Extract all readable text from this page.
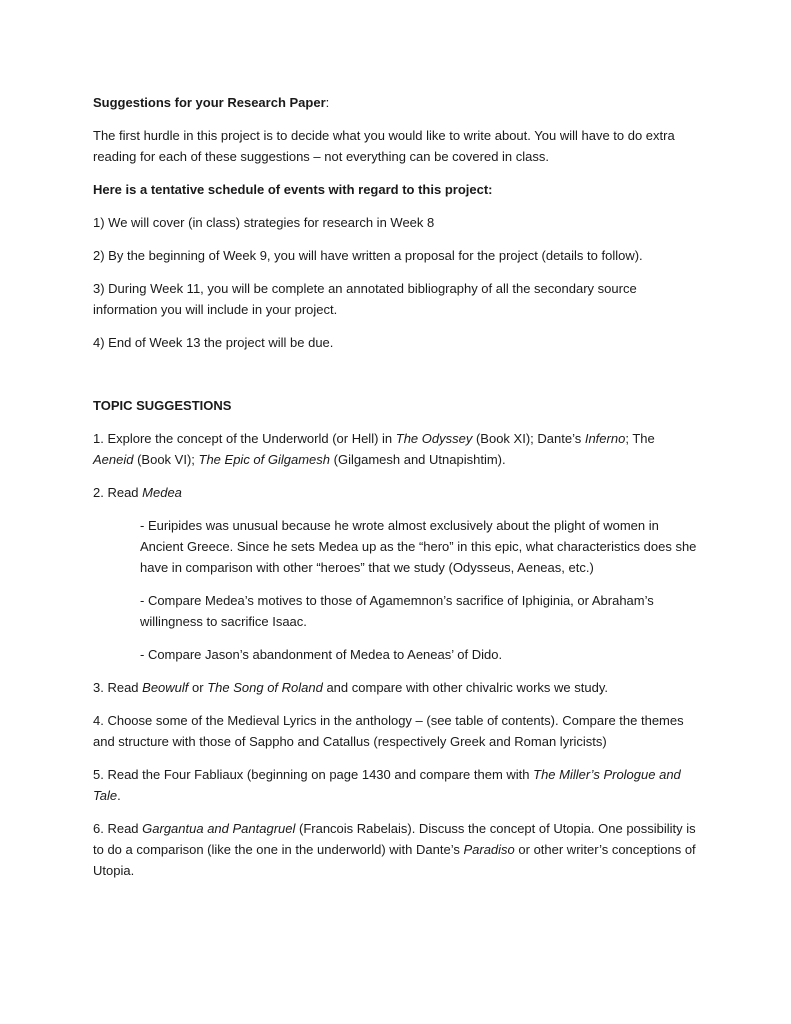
Suggestions for your Research Paper:

The first hurdle in this project is to decide what you would like to write about. You will have to do extra reading for each of these suggestions – not everything can be covered in class.

Here is a tentative schedule of events with regard to this project:

1) We will cover (in class) strategies for research in Week 8

2) By the beginning of Week 9, you will have written a proposal for the project (details to follow).

3) During Week 11, you will be complete an annotated bibliography of all the secondary source information you will include in your project.

4) End of Week 13 the project will be due.

TOPIC SUGGESTIONS

1. Explore the concept of the Underworld (or Hell) in The Odyssey (Book XI); Dante’s Inferno; The Aeneid (Book VI); The Epic of Gilgamesh (Gilgamesh and Utnapishtim).

2. Read Medea

- Euripides was unusual because he wrote almost exclusively about the plight of women in Ancient Greece. Since he sets Medea up as the “hero” in this epic, what characteristics does she have in comparison with other “heroes” that we study (Odysseus, Aeneas, etc.)

- Compare Medea’s motives to those of Agamemnon’s sacrifice of Iphiginia, or Abraham’s willingness to sacrifice Isaac.

- Compare Jason’s abandonment of Medea to Aeneas’ of Dido.

3. Read Beowulf or The Song of Roland and compare with other chivalric works we study.

4. Choose some of the Medieval Lyrics in the anthology – (see table of contents). Compare the themes and structure with those of Sappho and Catallus (respectively Greek and Roman lyricists)

5. Read the Four Fabliaux (beginning on page 1430 and compare them with The Miller’s Prologue and Tale.

6. Read Gargantua and Pantagruel (Francois Rabelais). Discuss the concept of Utopia. One possibility is to do a comparison (like the one in the underworld) with Dante’s Paradiso or other writer’s conceptions of Utopia.
